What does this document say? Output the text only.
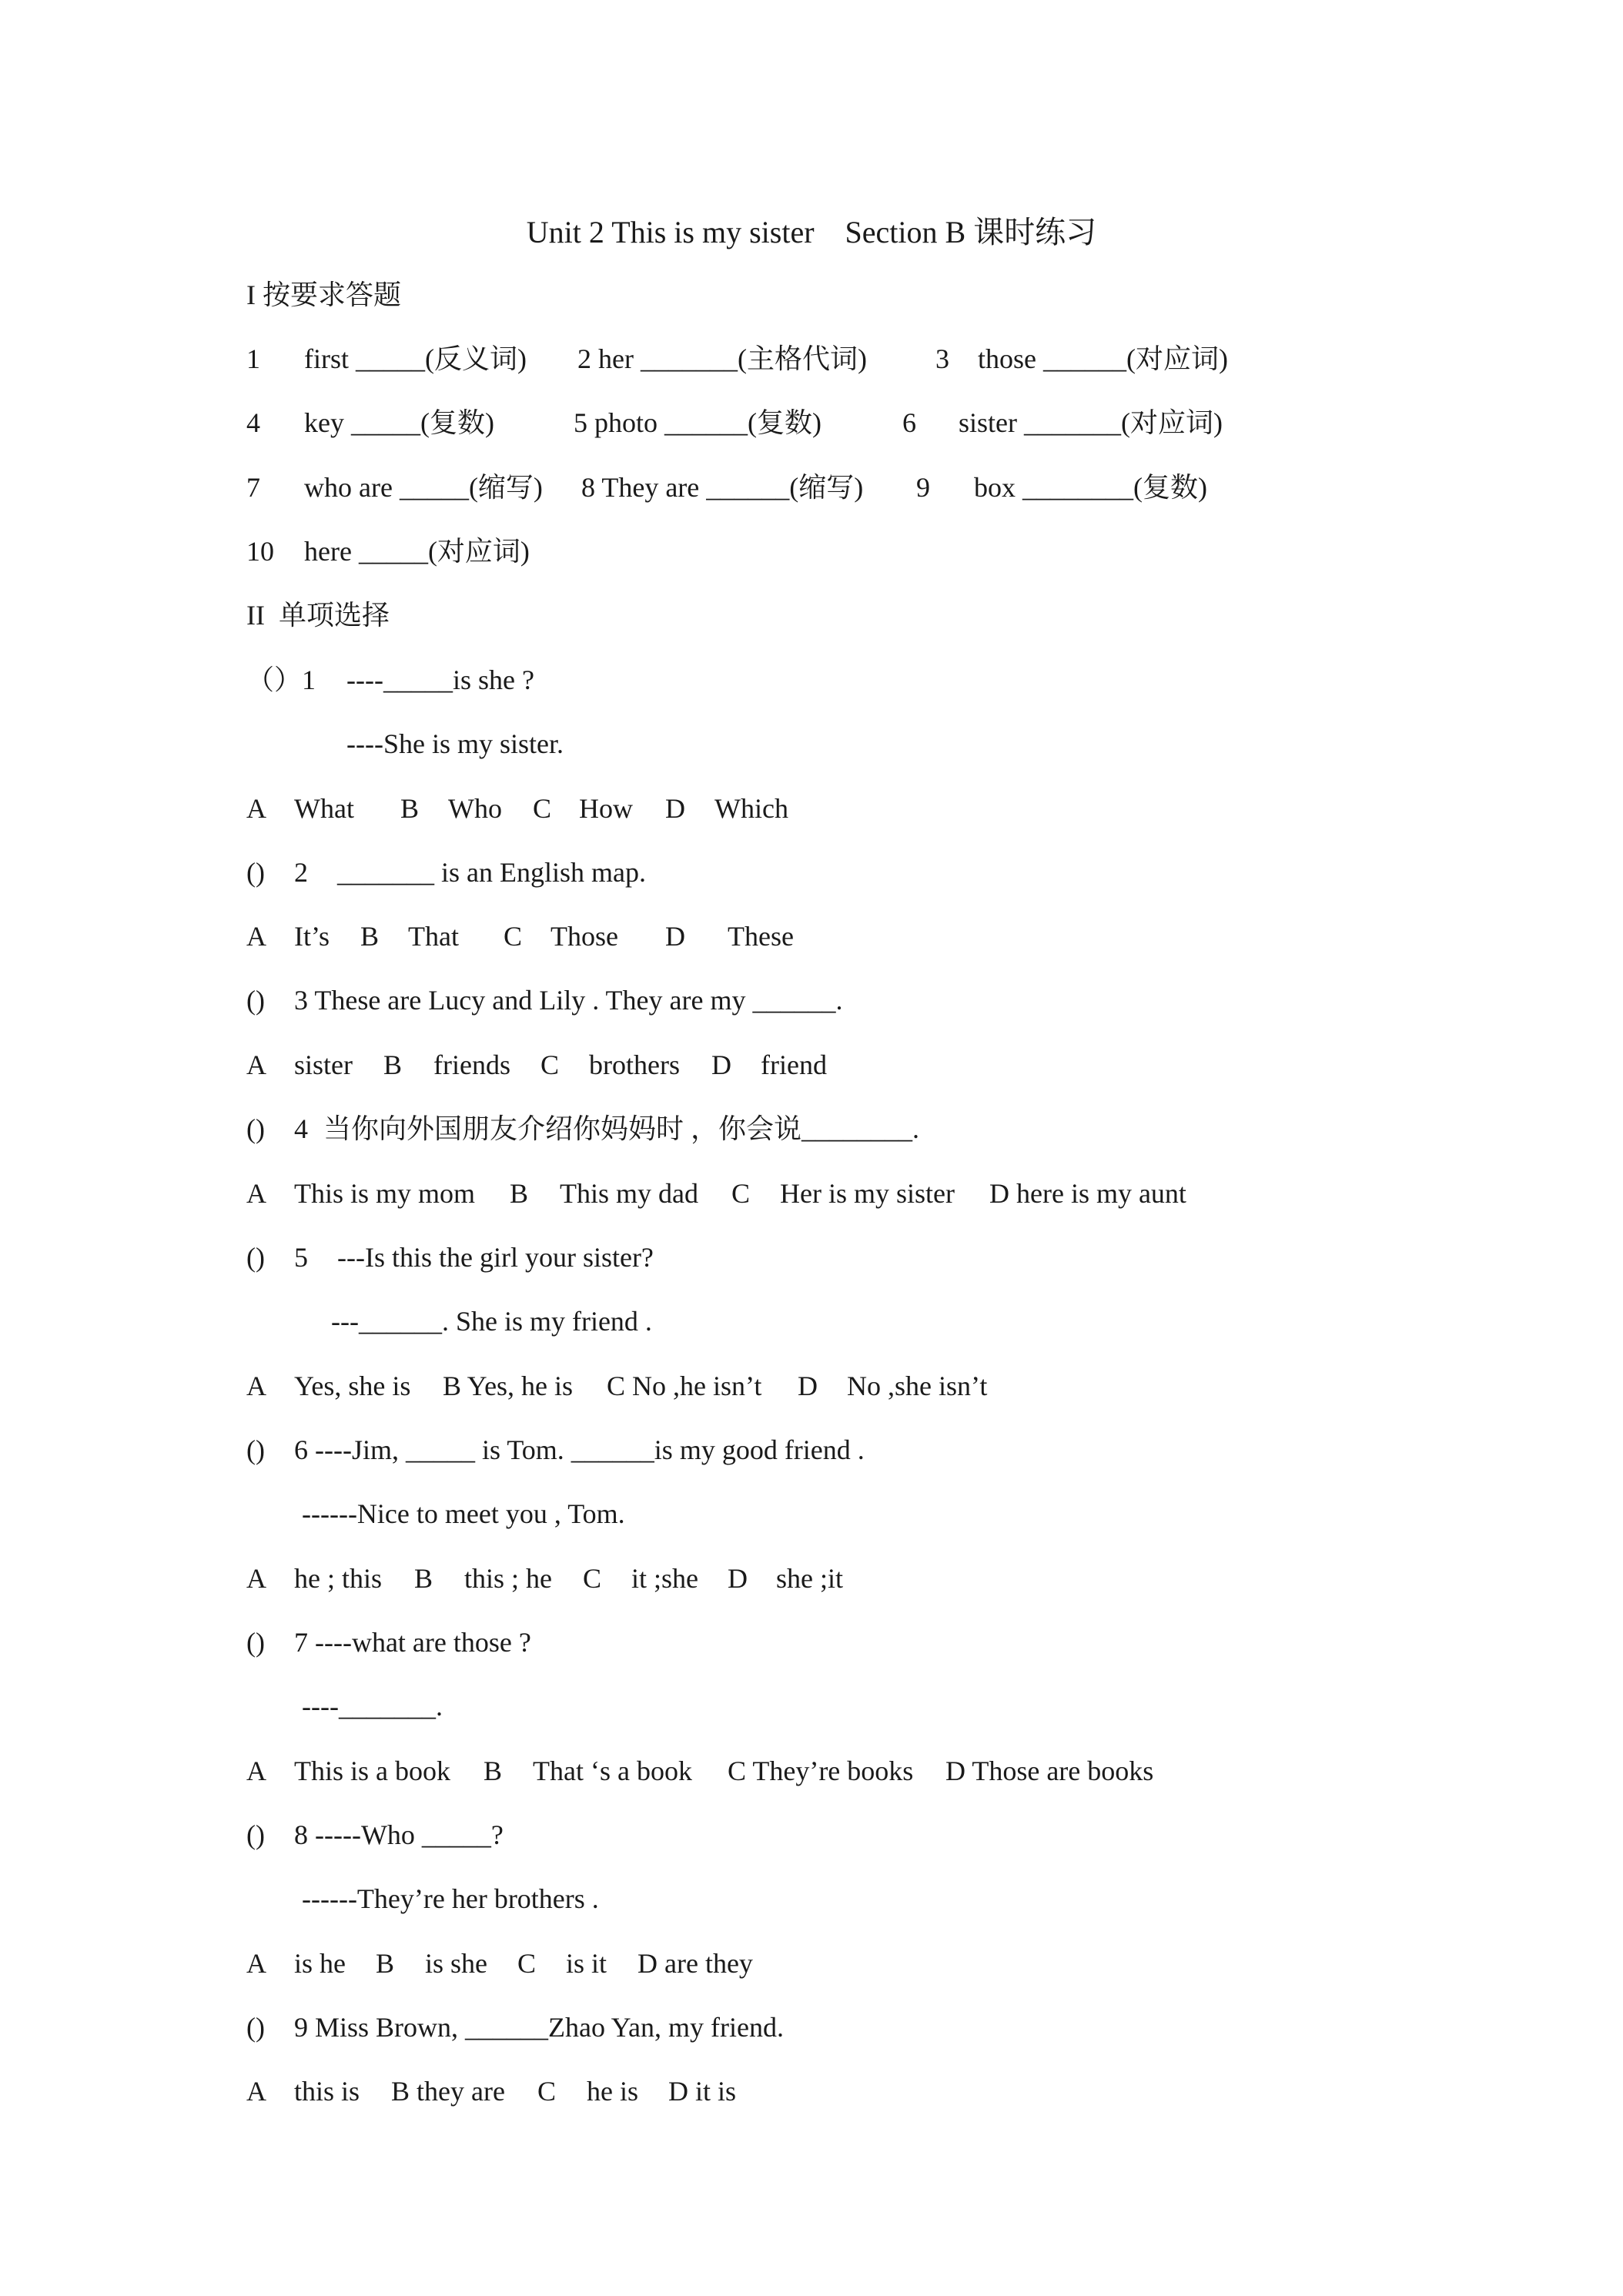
Unit 2 This is my sister    Section B 课时练习
I 按要求答题
1 first _____(反义词) 2 her _______(主格代词) 3 those ______(对应词)
4 key _____(复数)	5 photo ______(复数)	6 sister _______(对应词)
7 who are _____(缩写) 8 They are ______(缩写) 9 box ________(复数)
10 here _____(对应词)
II  单项选择
（）1 ----_____is she ?
----She is my sister.
A What B Who C How D Which
() 2 _______ is an English map.
A It’s B That C Those D These
() 3 These are Lucy and Lily . They are my ______.
A sister B friends C brothers D friend
() 4 当你向外国朋友介绍你妈妈时 ，你会说________.
A This is my mom B This my dad C Her is my sister D here is my aunt
() 5 ---Is this the girl your sister?
---______. She is my friend .
A Yes, she is B Yes, he is C No ,he isn’t D No ,she isn’t
() 6 ----Jim, _____ is Tom. ______is my good friend .
------Nice to meet you , Tom.
A he ; this B this ; he C it ;she D she ;it
() 7 ----what are those ?
----_______.
A This is a book B That ‘s a book C They’re books D Those are books
() 8 -----Who _____?
------They’re her brothers .
A is he B is she C is it D are they
() 9 Miss Brown, ______Zhao Yan, my friend.
A this is B they are C he is D it is
